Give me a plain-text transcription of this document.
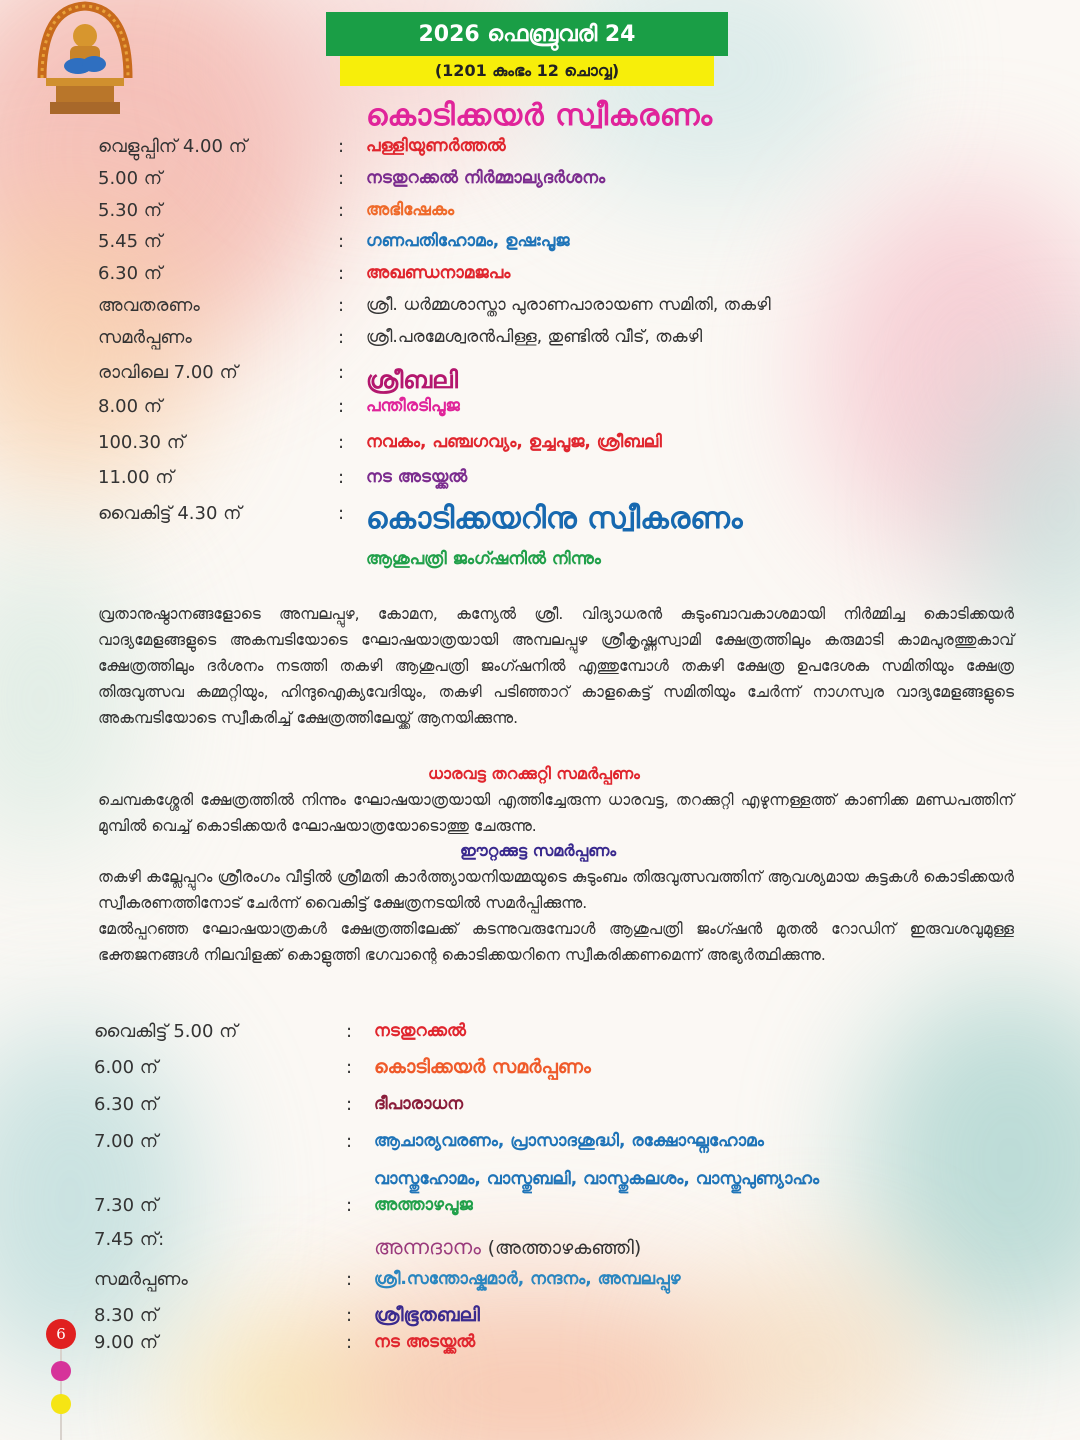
2026 ഫെബ്രുവരി 24
(1201 കുംഭം 12 ചൊവ്വ)
കൊടിക്കയർ സ്വീകരണം
വെളുപ്പിന് 4.00 ന്	: പള്ളിയുണർത്തൽ
5.00 ന്	: നടതുറക്കൽ നിർമ്മാല്യദർശനം
5.30 ന്	: അഭിഷേകം
5.45 ന്	: ഗണപതിഹോമം, ഉഷഃപൂജ
6.30 ന്	: അഖണ്ഡനാമജപം
അവതരണം	: ശ്രീ. ധർമ്മശാസ്താ പുരാണപാരായണ സമിതി, തകഴി
സമർപ്പണം	: ശ്രീ.പരമേശ്വരൻപിള്ള, തുണ്ടിൽ വീട്, തകഴി
രാവിലെ 7.00 ന്	: ശ്രീബലി
8.00 ന്	: പന്തീരടിപൂജ
100.30 ന്	: നവകം, പഞ്ചഗവ്യം, ഉച്ചപൂജ, ശ്രീബലി
11.00 ന്	: നട അടയ്ക്കൽ
വൈകിട്ട് 4.30 ന്	: കൊടിക്കയറിനു സ്വീകരണം
ആശുപത്രി ജംഗ്ഷനിൽ നിന്നും

വ്രതാനുഷ്ഠാനങ്ങളോടെ അമ്പലപ്പുഴ, കോമന, കന്യേൽ ശ്രീ. വിദ്യാധരൻ കുടുംബാവകാശമായി നിർമ്മിച്ച കൊടിക്കയർ വാദ്യമേളങ്ങളുടെ അകമ്പടിയോടെ ഘോഷയാത്രയായി അമ്പലപ്പുഴ ശ്രീകൃഷ്ണസ്വാമി ക്ഷേത്രത്തിലും കരുമാടി കാമപുരത്തുകാവ് ക്ഷേത്രത്തിലും ദർശനം നടത്തി തകഴി ആശുപത്രി ജംഗ്ഷനിൽ എത്തുമ്പോൾ തകഴി ക്ഷേത്ര ഉപദേശക സമിതിയും ക്ഷേത്ര തിരുവുത്സവ കമ്മറ്റിയും, ഹിന്ദുഐക്യവേദിയും, തകഴി പടിഞ്ഞാറ് കാളകെട്ട് സമിതിയും ചേർന്ന് നാഗസ്വര വാദ്യമേളങ്ങളുടെ അകമ്പടിയോടെ സ്വീകരിച്ച് ക്ഷേത്രത്തിലേയ്ക്ക് ആനയിക്കുന്നു.

ധാരവട്ട തറക്കുറ്റി സമർപ്പണം

ചെമ്പകശ്ശേരി ക്ഷേത്രത്തിൽ നിന്നും ഘോഷയാത്രയായി എത്തിച്ചേരുന്ന ധാരവട്ട, തറക്കുറ്റി എഴുന്നള്ളത്ത് കാണിക്ക മണ്ഡപത്തിന് മുമ്പിൽ വെച്ച് കൊടിക്കയർ ഘോഷയാത്രയോടൊത്തു ചേരുന്നു.

ഈറ്റക്കുട്ട സമർപ്പണം

തകഴി കല്ലേപ്പുറം ശ്രീരംഗം വീട്ടിൽ ശ്രീമതി കാർത്ത്യായനിയമ്മയുടെ കുടുംബം തിരുവുത്സവത്തിന് ആവശ്യമായ കുട്ടകൾ കൊടിക്കയർ സ്വീകരണത്തിനോട് ചേർന്ന് വൈകിട്ട് ക്ഷേത്രനടയിൽ സമർപ്പിക്കുന്നു.

മേൽപ്പറഞ്ഞ ഘോഷയാത്രകൾ ക്ഷേത്രത്തിലേക്ക് കടന്നുവരുമ്പോൾ ആശുപത്രി ജംഗ്ഷൻ മുതൽ റോഡിന് ഇരുവശവുമുള്ള ഭക്തജനങ്ങൾ നിലവിളക്ക് കൊളുത്തി ഭഗവാന്റെ കൊടിക്കയറിനെ സ്വീകരിക്കണമെന്ന് അഭ്യർത്ഥിക്കുന്നു.

വൈകിട്ട് 5.00 ന്	: നടതുറക്കൽ
6.00 ന്	: കൊടിക്കയർ സമർപ്പണം
6.30 ന്	: ദീപാരാധന
7.00 ന്	: ആചാര്യവരണം, പ്രാസാദശുദ്ധി, രക്ഷോഘ്നഹോമം
വാസ്തുഹോമം, വാസ്തുബലി, വാസ്തുകലശം, വാസ്തുപുണ്യാഹം
7.30 ന്	: അത്താഴപൂജ
7.45 ന്:	അന്നദാനം (അത്താഴകഞ്ഞി)
സമർപ്പണം	: ശ്രീ.സന്തോഷ്കുമാർ, നന്ദനം, അമ്പലപ്പുഴ
8.30 ന്	: ശ്രീഭൂതബലി
9.00 ന്	: നട അടയ്ക്കൽ
6
